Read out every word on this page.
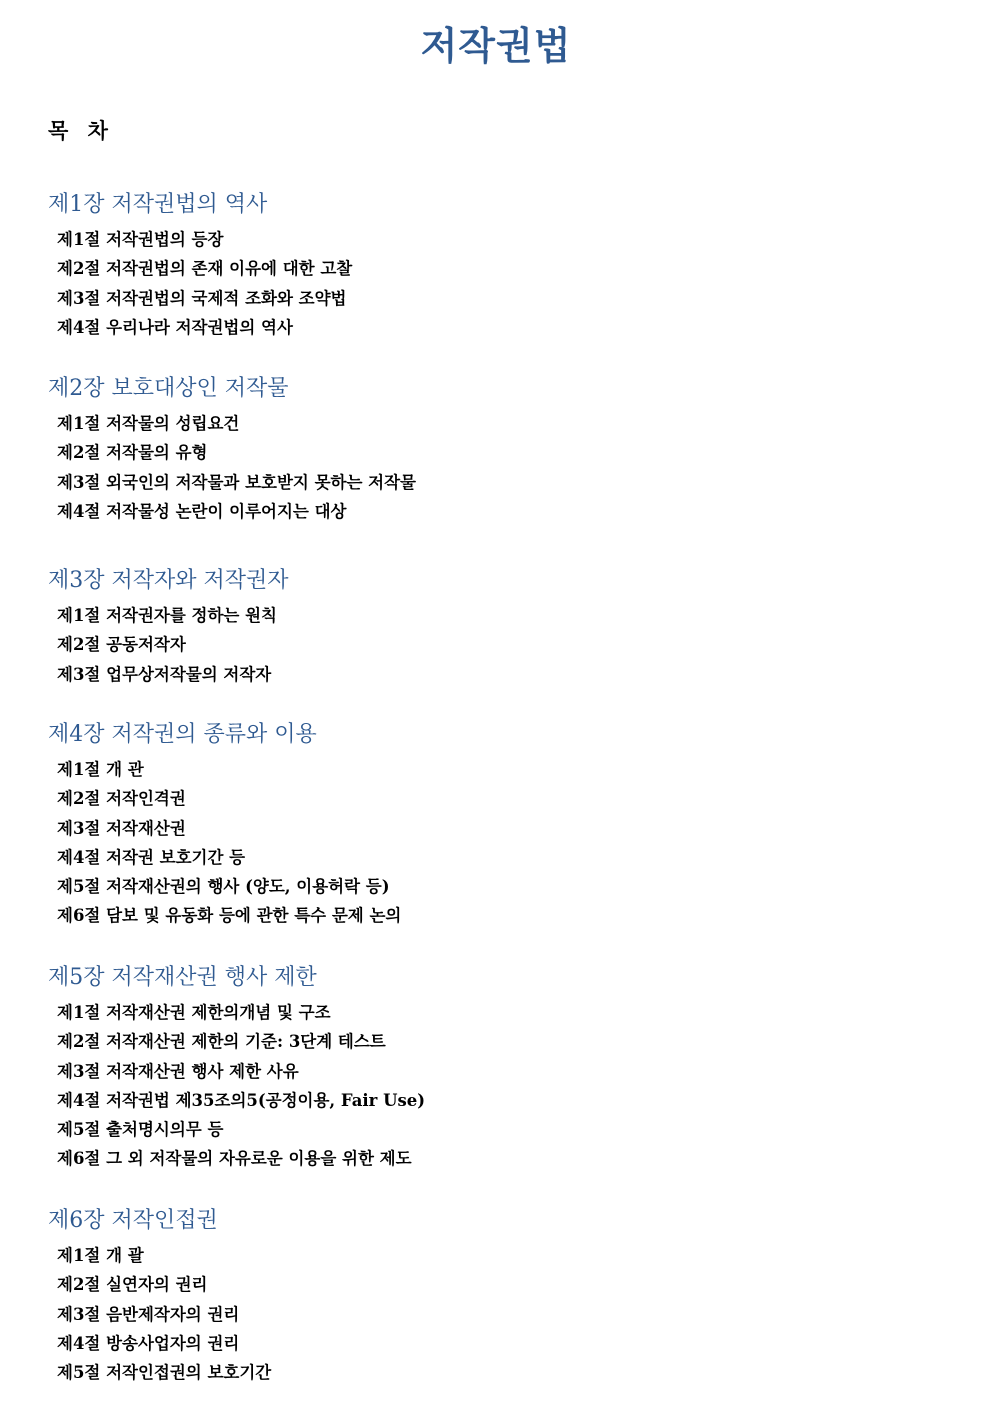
저작권법
목 차
제1장 저작권법의 역사
제1절 저작권법의 등장
제2절 저작권법의 존재 이유에 대한 고찰
제3절 저작권법의 국제적 조화와 조약법
제4절 우리나라 저작권법의 역사
제2장 보호대상인 저작물
제1절 저작물의 성립요건
제2절 저작물의 유형
제3절 외국인의 저작물과 보호받지 못하는 저작물
제4절 저작물성 논란이 이루어지는 대상
제3장 저작자와 저작권자
제1절 저작권자를 정하는 원칙
제2절 공동저작자
제3절 업무상저작물의 저작자
제4장 저작권의 종류와 이용
제1절 개 관
제2절 저작인격권
제3절 저작재산권
제4절 저작권 보호기간 등
제5절 저작재산권의 행사 (양도, 이용허락 등)
제6절 담보 및 유동화 등에 관한 특수 문제 논의
제5장 저작재산권 행사 제한
제1절 저작재산권 제한의개념 및 구조
제2절 저작재산권 제한의 기준: 3단계 테스트
제3절 저작재산권 행사 제한 사유
제4절 저작권법 제35조의5(공정이용, Fair Use)
제5절 출처명시의무 등
제6절 그 외 저작물의 자유로운 이용을 위한 제도
제6장 저작인접권
제1절 개 괄
제2절 실연자의 권리
제3절 음반제작자의 권리
제4절 방송사업자의 권리
제5절 저작인접권의 보호기간
